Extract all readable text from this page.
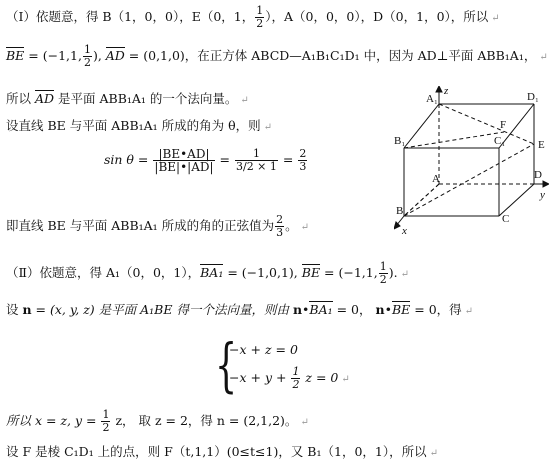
（Ⅰ）依题意，得 B（1，0，0），E（0，1， $\frac{1}{2}$ ），A（0，0，0），D（0，1，0），所以 ↵
BE = (−1,1, $\frac{1}{2}$ ), AD = (0,1,0)，在正方体 ABCD—A₁B₁C₁D₁ 中，因为 AD⊥平面 ABB₁A₁， ↵
所以 AD 是平面 ABB₁A₁ 的一个法向量。 ↵
设直线 BE 与平面 ABB₁A₁ 所成的角为 θ，则 ↵
$\sin \theta = \frac{|BE•AD|}{|BE|•|AD|} = \frac{1}{3/2 \times 1} = \frac{2}{3}$
即直线 BE 与平面 ABB₁A₁ 所成的角的正弦值为 $\frac{2}{3}$ 。 ↵
（Ⅱ）依题意，得 A₁（0，0，1），BA₁ = (−1,0,1), BE = (−1,1, $\frac{1}{2}$ ). ↵
设 n = (x, y, z) 是平面 A₁BE 得一个法向量，则由 n•BA₁ = 0， n•BE = 0，得 ↵
{
−x + z = 0
$-x + y + \frac{1}{2}$ z = 0 ↵
所以 x = z, $y = \frac{1}{2}$ z， 取 z = 2，得 n = (2,1,2)。 ↵
设 F 是棱 C₁D₁ 上的点，则 F（t,1,1）(0≤t≤1)，又 B₁（1，0，1），所以 ↵
A₁	D₁
B₁	C₁
F
E
A	D
B
C
x
y
z
